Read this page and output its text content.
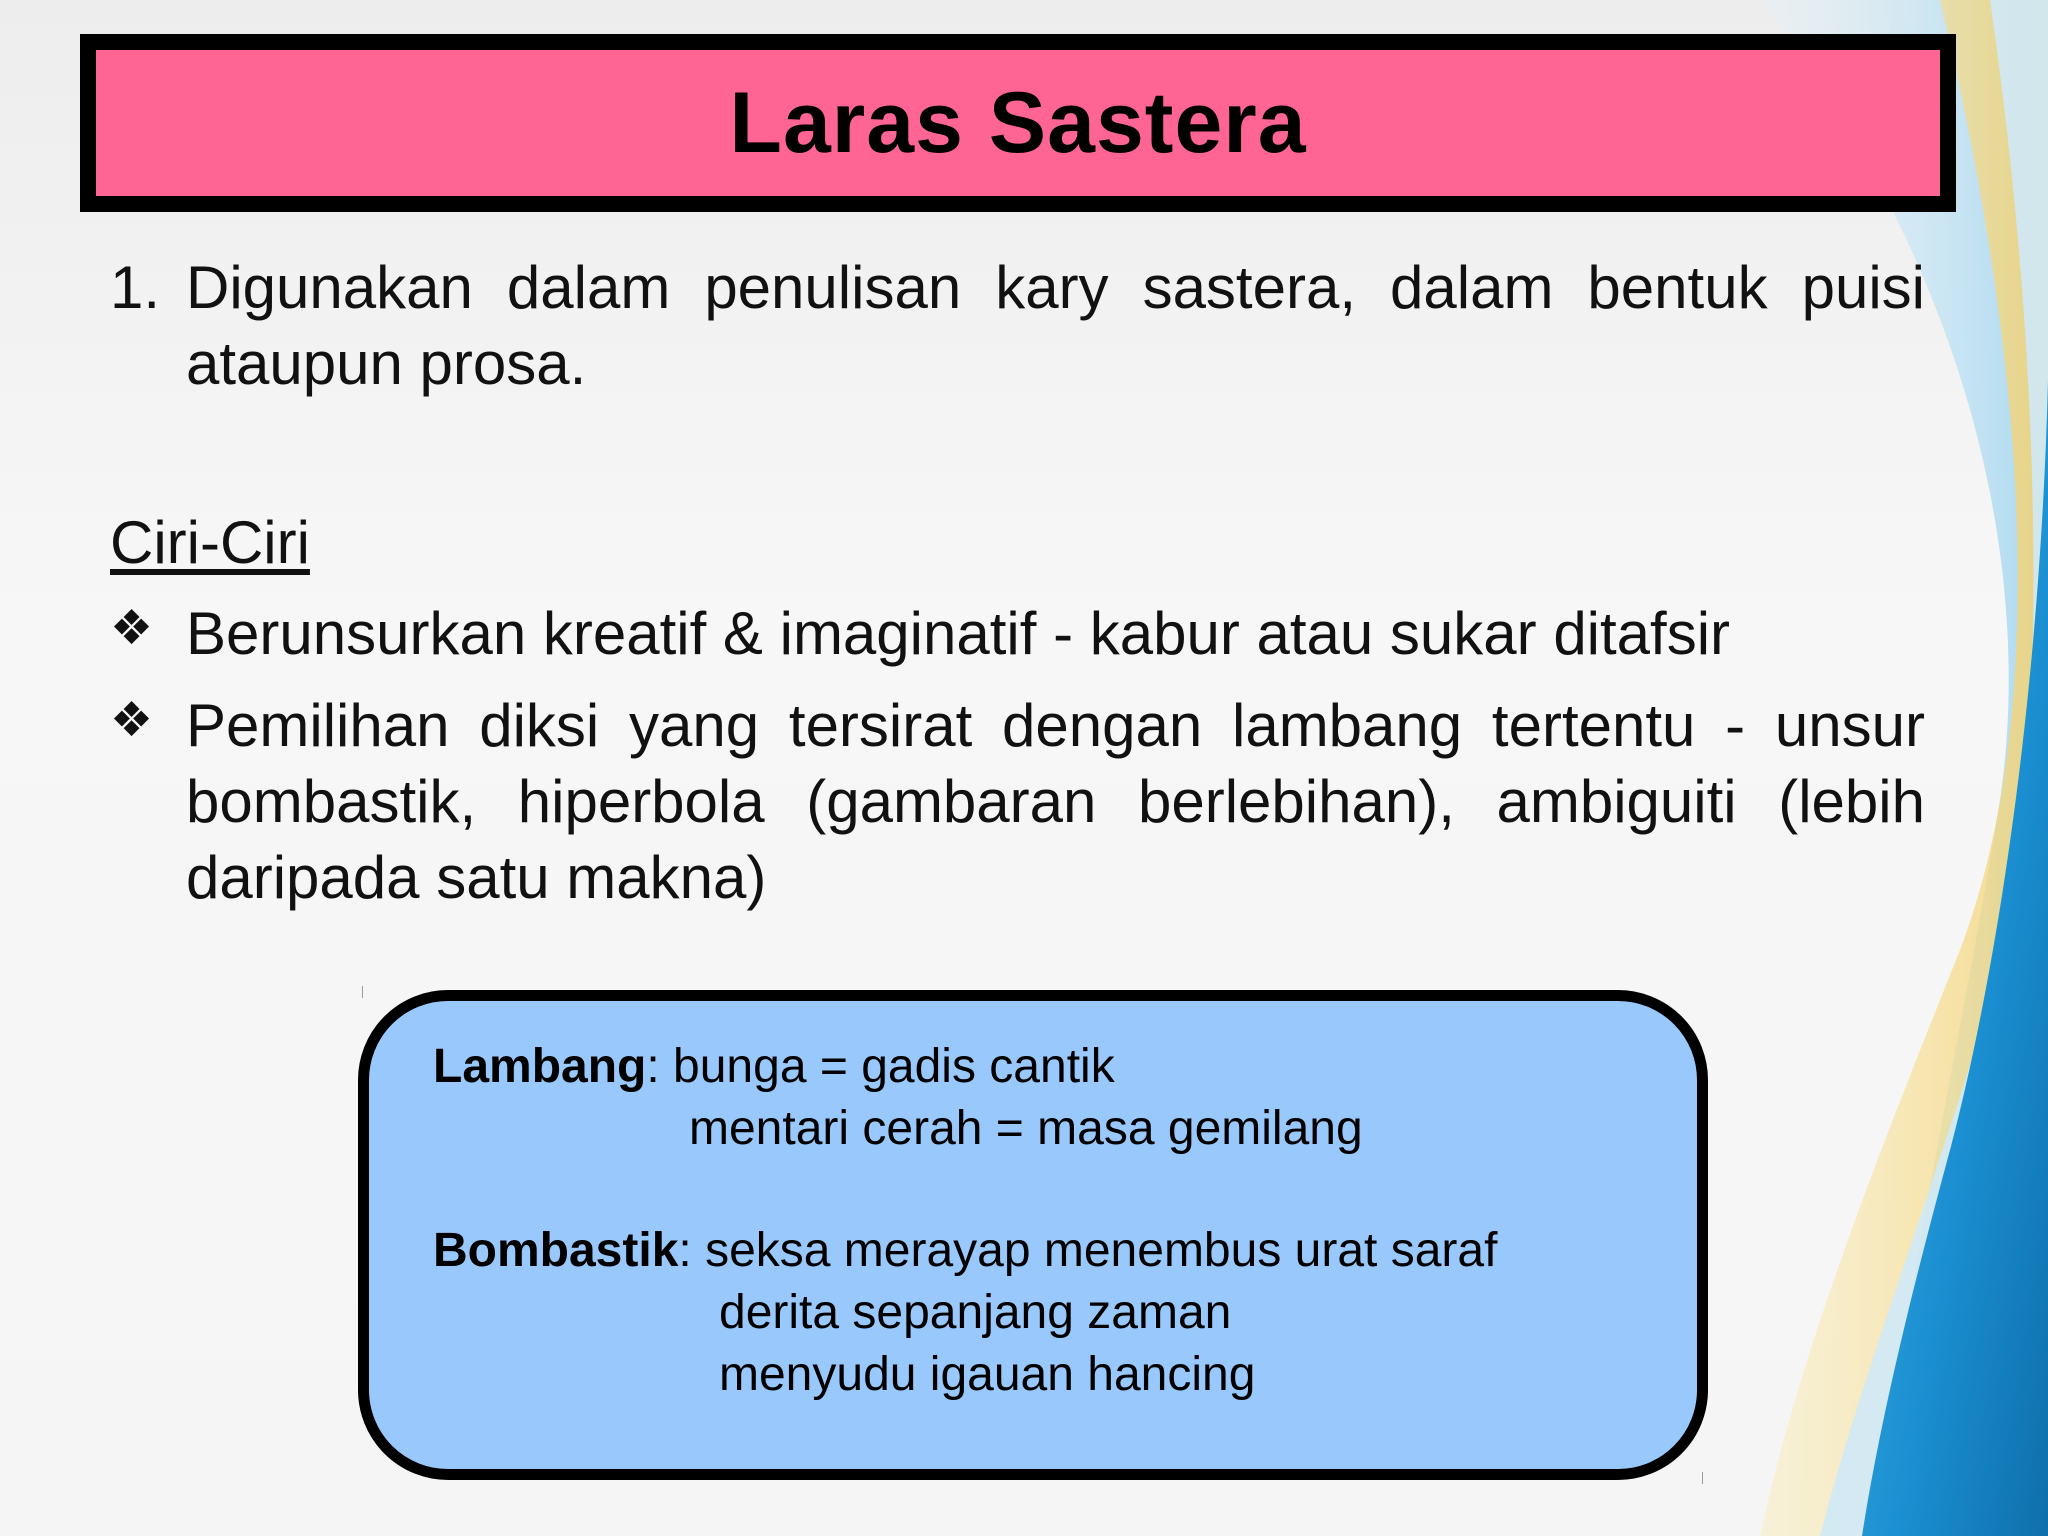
Laras Sastera
1. Digunakan dalam penulisan kary sastera, dalam bentuk puisi ataupun prosa.
Ciri-Ciri
❖ Berunsurkan kreatif & imaginatif - kabur atau sukar ditafsir
❖ Pemilihan diksi yang tersirat dengan lambang tertentu - unsur bombastik, hiperbola (gambaran berlebihan), ambiguiti (lebih daripada satu makna)
Lambang: bunga = gadis cantik
mentari cerah = masa gemilang
Bombastik: seksa merayap menembus urat saraf
derita sepanjang zaman
menyudu igauan hancing
